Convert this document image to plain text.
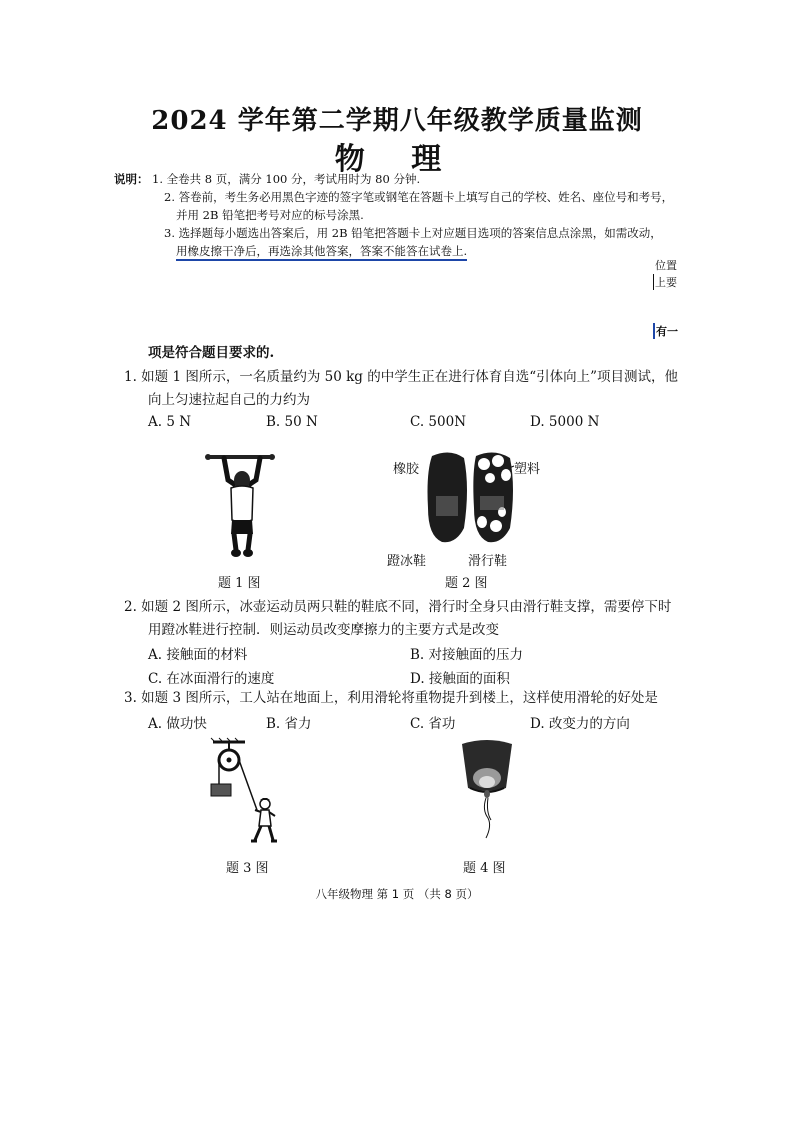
2024 学年第二学期八年级教学质量监测
物 理
说明： 1. 全卷共 8 页，满分 100 分，考试用时为 80 分钟.
2. 答卷前，考生务必用黑色字迹的签字笔或钢笔在答题卡上填写自己的学校、姓名、座位号和考号，
并用 2B 铅笔把考号对应的标号涂黑.
3. 选择题每小题选出答案后，用 2B 铅笔把答题卡上对应题目选项的答案信息点涂黑，如需改动，
用橡皮擦干净后，再选涂其他答案，答案不能答在试卷上.
位置
上要
有一
项是符合题目要求的.
1. 如题 1 图所示，一名质量约为 50 kg 的中学生正在进行体育自选“引体向上”项目测试，他
向上匀速拉起自己的力约为
A. 5 N	B. 50 N	C. 500N	D. 5000 N
题 1 图
橡胶	塑料
蹬冰鞋	滑行鞋
题 2 图
2. 如题 2 图所示，冰壶运动员两只鞋的鞋底不同，滑行时全身只由滑行鞋支撑，需要停下时
用蹬冰鞋进行控制．则运动员改变摩擦力的主要方式是改变
A. 接触面的材料	B. 对接触面的压力
C. 在冰面滑行的速度	D. 接触面的面积
3. 如题 3 图所示，工人站在地面上，利用滑轮将重物提升到楼上，这样使用滑轮的好处是
A. 做功快	B. 省力	C. 省功	D. 改变力的方向
题 3 图	题 4 图
八年级物理 第 1 页 （共 8 页）
